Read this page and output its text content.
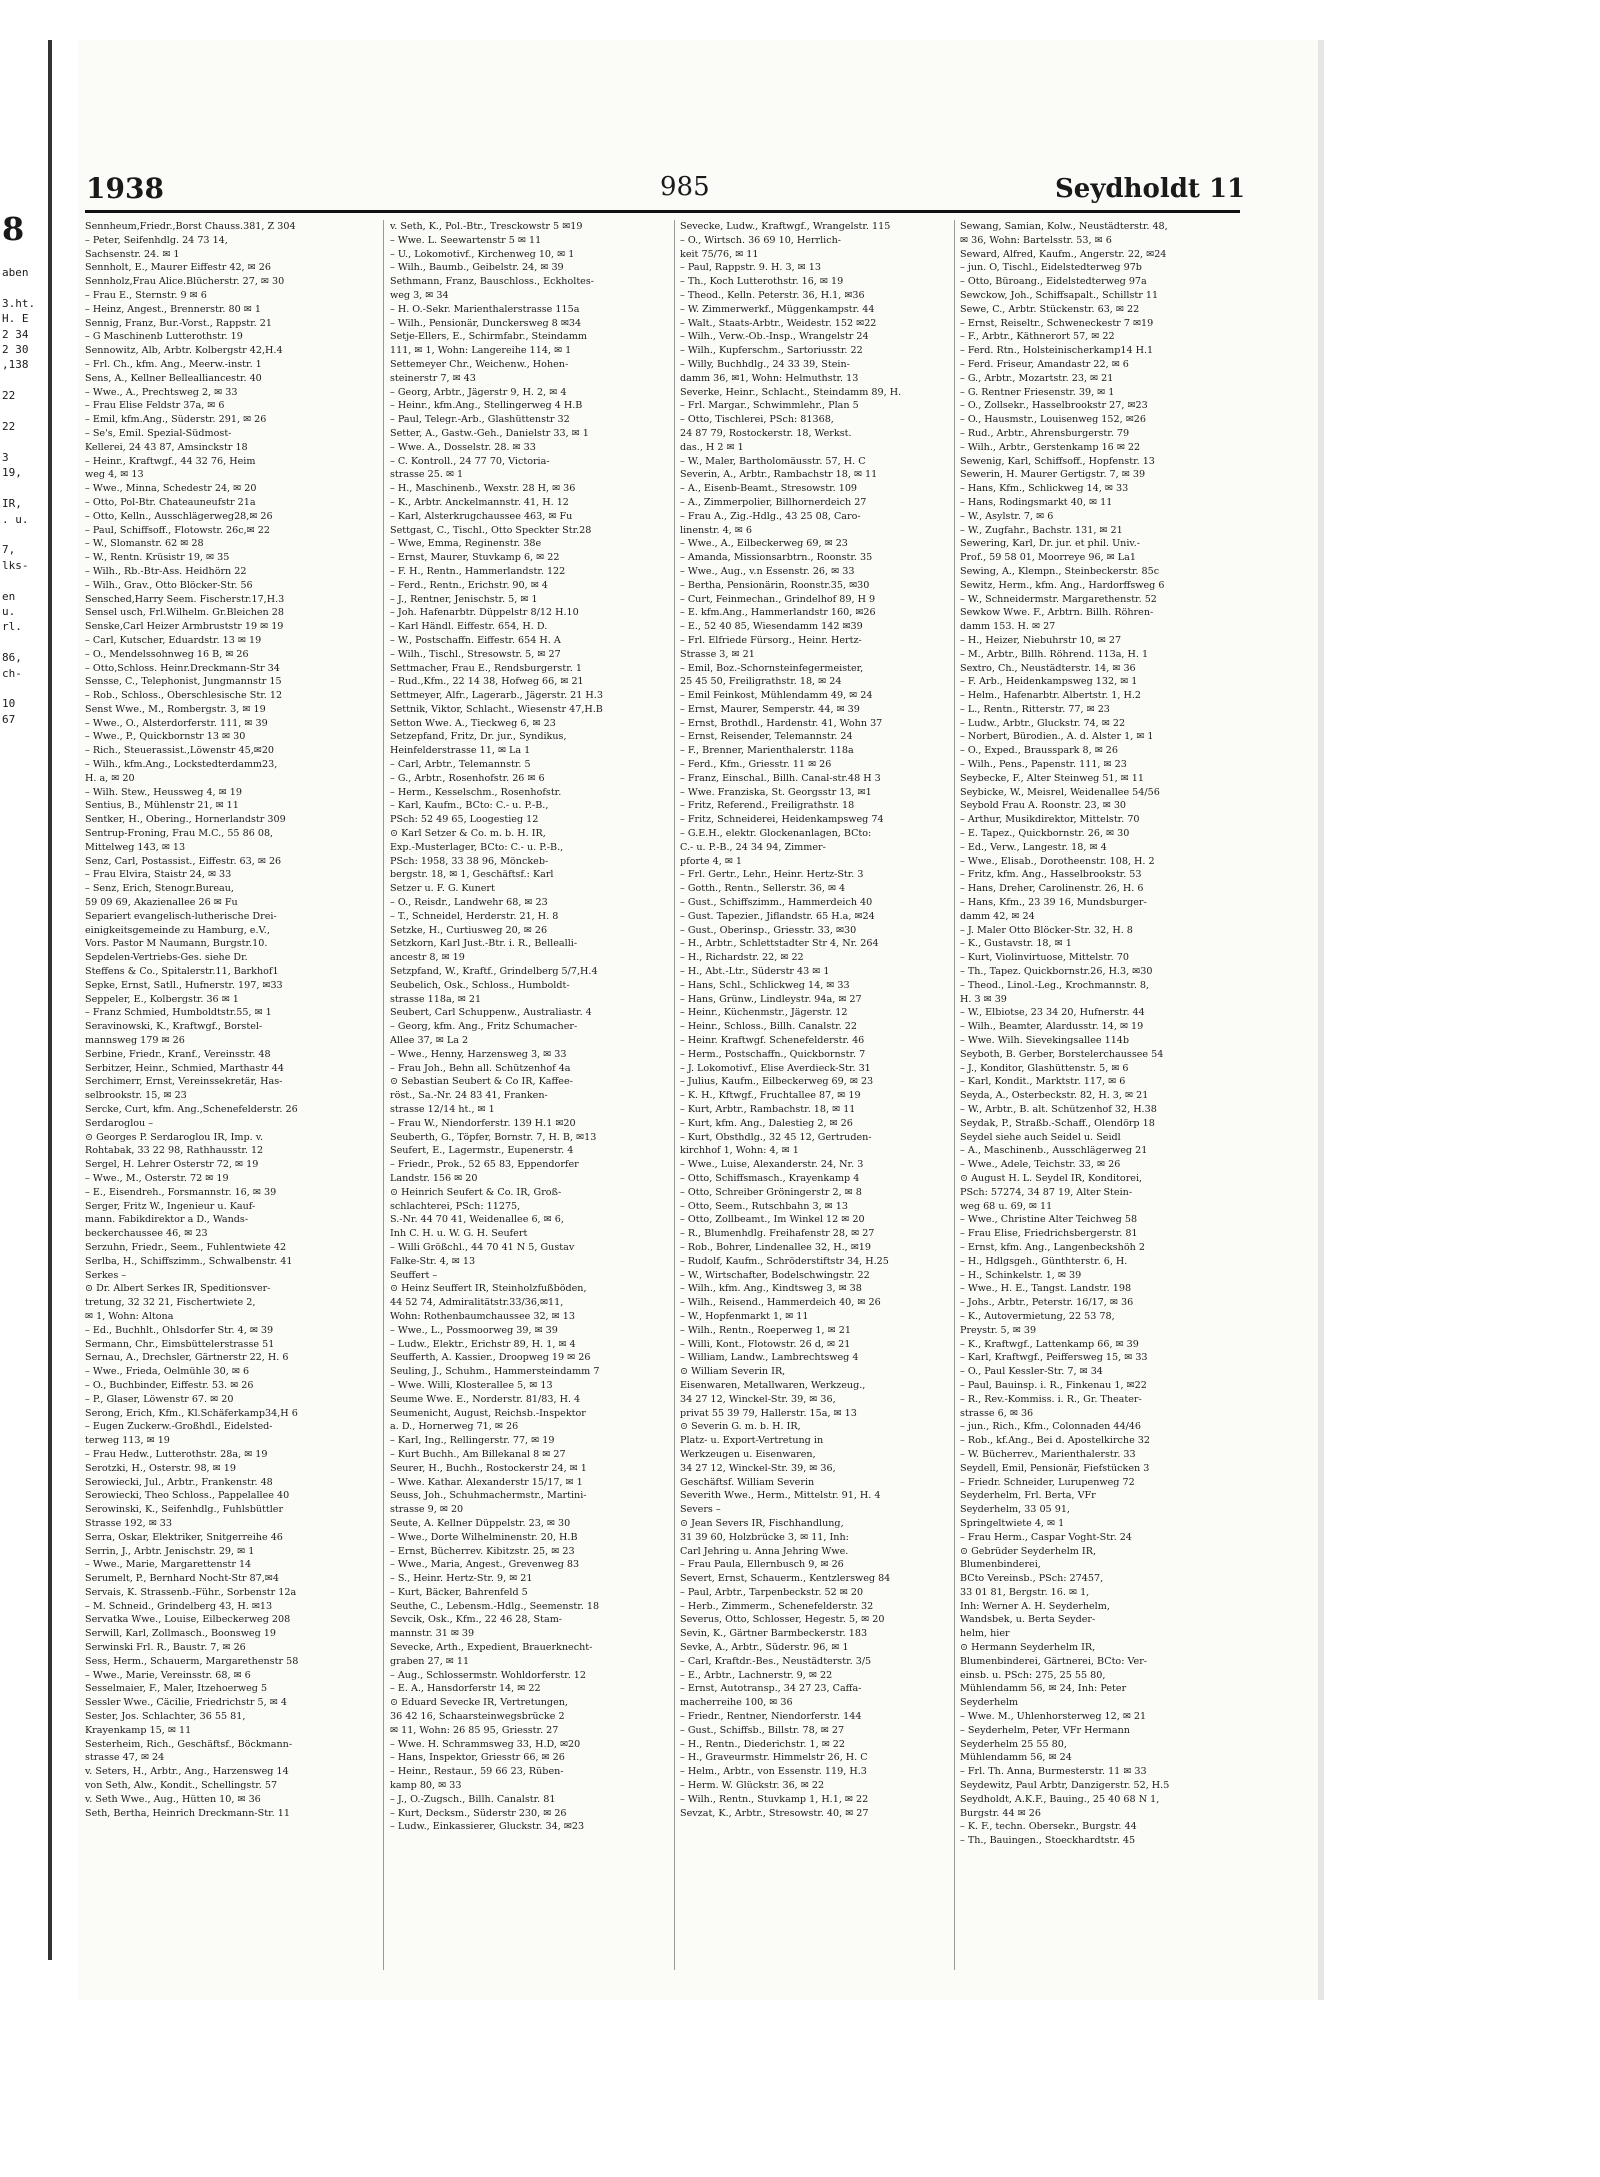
8
aben

3.ht.
H. E
2 34
2 30
,138

22

22

3
19,

IR,
. u.

7,
lks-

en
u.
rl.

86,
ch-

10
67
1938	985	Seydholdt 11
Sennheum,Friedr.,Borst Chauss.381, Z 304
– Peter, Seifenhdlg. 24 73 14,
Sachsenstr. 24. ✉ 1
Sennholt, E., Maurer Eiffestr 42, ✉ 26
Sennholz,Frau Alice.Blücherstr. 27, ✉ 30
– Frau E., Sternstr. 9 ✉ 6
– Heinz, Angest., Brennerstr. 80 ✉ 1
Sennig, Franz, Bur.-Vorst., Rappstr. 21
– G Maschinenb Lutterothstr. 19
Sennowitz, Alb, Arbtr. Kolbergstr 42,H.4
– Frl. Ch., kfm. Ang., Meerw.-instr. 1
Sens, A., Kellner Bellealliancestr. 40
– Wwe., A., Prechtsweg 2, ✉ 33
– Frau Elise Feldstr 37a, ✉ 6
– Emil, kfm.Ang., Süderstr. 291, ✉ 26
– Se's, Emil. Spezial-Südmost-
Kellerei, 24 43 87, Amsinckstr 18
– Heinr., Kraftwgf., 44 32 76, Heim
weg 4, ✉ 13
– Wwe., Minna, Schedestr 24, ✉ 20
– Otto, Pol-Btr. Chateauneufstr 21a
– Otto, Kelln., Ausschlägerweg28,✉ 26
– Paul, Schiffsoff., Flotowstr. 26c,✉ 22
– W., Slomanstr. 62 ✉ 28
– W., Rentn. Krüsistr 19, ✉ 35
– Wilh., Rb.-Btr-Ass. Heidhörn 22
– Wilh., Grav., Otto Blöcker-Str. 56
Sensched,Harry Seem. Fischerstr.17,H.3
Sensel usch, Frl.Wilhelm. Gr.Bleichen 28
Senske,Carl Heizer Armbruststr 19 ✉ 19
– Carl, Kutscher, Eduardstr. 13 ✉ 19
– O., Mendelssohnweg 16 B, ✉ 26
– Otto,Schloss. Heinr.Dreckmann-Str 34
Sensse, C., Telephonist, Jungmannstr 15
– Rob., Schloss., Oberschlesische Str. 12
Senst Wwe., M., Rombergstr. 3, ✉ 19
– Wwe., O., Alsterdorferstr. 111, ✉ 39
– Wwe., P., Quickbornstr 13 ✉ 30
– Rich., Steuerassist.,Löwenstr 45,✉20
– Wilh., kfm.Ang., Lockstedterdamm23,
H. a, ✉ 20
– Wilh. Stew., Heussweg 4, ✉ 19
Sentius, B., Mühlenstr 21, ✉ 11
Sentker, H., Obering., Hornerlandstr 309
Sentrup-Froning, Frau M.C., 55 86 08,
Mittelweg 143, ✉ 13
Senz, Carl, Postassist., Eiffestr. 63, ✉ 26
– Frau Elvira, Staistr 24, ✉ 33
– Senz, Erich, Stenogr.Bureau,
59 09 69, Akazienallee 26 ✉ Fu
Separiert evangelisch-lutherische Drei-
einigkeitsgemeinde zu Hamburg, e.V.,
Vors. Pastor M Naumann, Burgstr.10.
Sepdelen-Vertriebs-Ges. siehe Dr.
Steffens & Co., Spitalerstr.11, Barkhof1
Sepke, Ernst, Satll., Hufnerstr. 197, ✉33
Seppeler, E., Kolbergstr. 36 ✉ 1
– Franz Schmied, Humboldtstr.55, ✉ 1
Seravinowski, K., Kraftwgf., Borstel-
mannsweg 179 ✉ 26
Serbine, Friedr., Kranf., Vereinsstr. 48
Serbitzer, Heinr., Schmied, Marthastr 44
Serchimerr, Ernst, Vereinssekretär, Has-
selbrookstr. 15, ✉ 23
Sercke, Curt, kfm. Ang.,Schenefelderstr. 26
Serdaroglou –
⊙ Georges P. Serdaroglou IR, Imp. v.
Rohtabak, 33 22 98, Rathhausstr. 12
Sergel, H. Lehrer Osterstr 72, ✉ 19
– Wwe., M., Osterstr. 72 ✉ 19
– E., Eisendreh., Forsmannstr. 16, ✉ 39
Serger, Fritz W., Ingenieur u. Kauf-
mann. Fabikdirektor a D., Wands-
beckerchaussee 46, ✉ 23
Serzuhn, Friedr., Seem., Fuhlentwiete 42
Serlba, H., Schiffszimm., Schwalbenstr. 41
Serkes –
⊙ Dr. Albert Serkes IR, Speditionsver-
tretung, 32 32 21, Fischertwiete 2,
✉ 1, Wohn: Altona
– Ed., Buchhlt., Ohlsdorfer Str. 4, ✉ 39
Sermann, Chr., Eimsbüttelerstrasse 51
Sernau, A., Drechsler, Gärtnerstr 22, H. 6
– Wwe., Frieda, Oelmühle 30, ✉ 6
– O., Buchbinder, Eiffestr. 53. ✉ 26
– P., Glaser, Löwenstr 67. ✉ 20
Serong, Erich, Kfm., Kl.Schäferkamp34,H 6
– Eugen Zuckerw.-Großhdl., Eidelsted-
terweg 113, ✉ 19
– Frau Hedw., Lutterothstr. 28a, ✉ 19
Serotzki, H., Osterstr. 98, ✉ 19
Serowiecki, Jul., Arbtr., Frankenstr. 48
Serowiecki, Theo Schloss., Pappelallee 40
Serowinski, K., Seifenhdlg., Fuhlsbüttler
Strasse 192, ✉ 33
Serra, Oskar, Elektriker, Snitgerreihe 46
Serrin, J., Arbtr. Jenischstr. 29, ✉ 1
– Wwe., Marie, Margarettenstr 14
Serumelt, P., Bernhard Nocht-Str 87,✉4
Servais, K. Strassenb.-Führ., Sorbenstr 12a
– M. Schneid., Grindelberg 43, H. ✉13
Servatka Wwe., Louise, Eilbeckerweg 208
Serwill, Karl, Zollmasch., Boonsweg 19
Serwinski Frl. R., Baustr. 7, ✉ 26
Sess, Herm., Schauerm, Margarethenstr 58
– Wwe., Marie, Vereinsstr. 68, ✉ 6
Sesselmaier, F., Maler, Itzehoerweg 5
Sessler Wwe., Cäcilie, Friedrichstr 5, ✉ 4
Sester, Jos. Schlachter, 36 55 81,
Krayenkamp 15, ✉ 11
Sesterheim, Rich., Geschäftsf., Böckmann-
strasse 47, ✉ 24
v. Seters, H., Arbtr., Ang., Harzensweg 14
von Seth, Alw., Kondit., Schellingstr. 57
v. Seth Wwe., Aug., Hütten 10, ✉ 36
Seth, Bertha, Heinrich Dreckmann-Str. 11
v. Seth, K., Pol.-Btr., Tresckowstr 5 ✉19
– Wwe. L. Seewartenstr 5 ✉ 11
– U., Lokomotivf., Kirchenweg 10, ✉ 1
– Wilh., Baumb., Geibelstr. 24, ✉ 39
Sethmann, Franz, Bauschloss., Eckholtes-
weg 3, ✉ 34
– H. O.-Sekr. Marienthalerstrasse 115a
– Wilh., Pensionär, Dunckersweg 8 ✉34
Setje-Ellers, E., Schirmfabr., Steindamm
111, ✉ 1, Wohn: Langereihe 114, ✉ 1
Settemeyer Chr., Weichenw., Hohen-
steinerstr 7, ✉ 43
– Georg, Arbtr., Jägerstr 9, H. 2, ✉ 4
– Heinr., kfm.Ang., Stellingerweg 4 H.B
– Paul, Telegr.-Arb., Glashüttenstr 32
Setter, A., Gastw.-Geh., Danielstr 33, ✉ 1
– Wwe. A., Dosselstr. 28. ✉ 33
– C. Kontroll., 24 77 70, Victoria-
strasse 25. ✉ 1
– H., Maschinenb., Wexstr. 28 H, ✉ 36
– K., Arbtr. Anckelmannstr. 41, H. 12
– Karl, Alsterkrugchaussee 463, ✉ Fu
Settgast, C., Tischl., Otto Speckter Str.28
– Wwe, Emma, Reginenstr. 38e
– Ernst, Maurer, Stuvkamp 6, ✉ 22
– F. H., Rentn., Hammerlandstr. 122
– Ferd., Rentn., Erichstr. 90, ✉ 4
– J., Rentner, Jenischstr. 5, ✉ 1
– Joh. Hafenarbtr. Düppelstr 8/12 H.10
– Karl Händl. Eiffestr. 654, H. D.
– W., Postschaffn. Eiffestr. 654 H. A
– Wilh., Tischl., Stresowstr. 5, ✉ 27
Settmacher, Frau E., Rendsburgerstr. 1
– Rud.,Kfm., 22 14 38, Hofweg 66, ✉ 21
Settmeyer, Alfr., Lagerarb., Jägerstr. 21 H.3
Settnik, Viktor, Schlacht., Wiesenstr 47,H.B
Setton Wwe. A., Tieckweg 6, ✉ 23
Setzepfand, Fritz, Dr. jur., Syndikus,
Heinfelderstrasse 11, ✉ La 1
– Carl, Arbtr., Telemannstr. 5
– G., Arbtr., Rosenhofstr. 26 ✉ 6
– Herm., Kesselschm., Rosenhofstr.
– Karl, Kaufm., BCto: C.- u. P.-B.,
PSch: 52 49 65, Loogestieg 12
⊙ Karl Setzer & Co. m. b. H. IR,
Exp.-Musterlager, BCto: C.- u. P.-B.,
PSch: 1958, 33 38 96, Mönckeb-
bergstr. 18, ✉ 1, Geschäftsf.: Karl
Setzer u. F. G. Kunert
– O., Reisdr., Landwehr 68, ✉ 23
– T., Schneidel, Herderstr. 21, H. 8
Setzke, H., Curtiusweg 20, ✉ 26
Setzkorn, Karl Just.-Btr. i. R., Bellealli-
ancestr 8, ✉ 19
Setzpfand, W., Kraftf., Grindelberg 5/7,H.4
Seubelich, Osk., Schloss., Humboldt-
strasse 118a, ✉ 21
Seubert, Carl Schuppenw., Australiastr. 4
– Georg, kfm. Ang., Fritz Schumacher-
Allee 37, ✉ La 2
– Wwe., Henny, Harzensweg 3, ✉ 33
– Frau Joh., Behn all. Schützenhof 4a
⊙ Sebastian Seubert & Co IR, Kaffee-
röst., Sa.-Nr. 24 83 41, Franken-
strasse 12/14 ht., ✉ 1
– Frau W., Niendorferstr. 139 H.1 ✉20
Seuberth, G., Töpfer, Bornstr. 7, H. B, ✉13
Seufert, E., Lagermstr., Eupenerstr. 4
– Friedr., Prok., 52 65 83, Eppendorfer
Landstr. 156 ✉ 20
⊙ Heinrich Seufert & Co. IR, Groß-
schlachterei, PSch: 11275,
S.-Nr. 44 70 41, Weidenallee 6, ✉ 6,
Inh C. H. u. W. G. H. Seufert
– Willi Größchl., 44 70 41 N 5, Gustav
Falke-Str. 4, ✉ 13
Seuffert –
⊙ Heinz Seuffert IR, Steinholzfußböden,
44 52 74, Admiralitätstr.33/36,✉11,
Wohn: Rothenbaumchaussee 32, ✉ 13
– Wwe., L., Possmoorweg 39, ✉ 39
– Ludw., Elektr., Erichstr 89, H. 1, ✉ 4
Seufferth, A. Kassier., Droopweg 19 ✉ 26
Seuling, J., Schuhm., Hammersteindamm 7
– Wwe. Willi, Klosterallee 5, ✉ 13
Seume Wwe. E., Norderstr. 81/83, H. 4
Seumenicht, August, Reichsb.-Inspektor
a. D., Hornerweg 71, ✉ 26
– Karl, Ing., Rellingerstr. 77, ✉ 19
– Kurt Buchh., Am Billekanal 8 ✉ 27
Seurer, H., Buchh., Rostockerstr 24, ✉ 1
– Wwe. Kathar. Alexanderstr 15/17, ✉ 1
Seuss, Joh., Schuhmachermstr., Martini-
strasse 9, ✉ 20
Seute, A. Kellner Düppelstr. 23, ✉ 30
– Wwe., Dorte Wilhelminenstr. 20, H.B
– Ernst, Bücherrev. Kibitzstr. 25, ✉ 23
– Wwe., Maria, Angest., Grevenweg 83
– S., Heinr. Hertz-Str. 9, ✉ 21
– Kurt, Bäcker, Bahrenfeld 5
Seuthe, C., Lebensm.-Hdlg., Seemenstr. 18
Sevcik, Osk., Kfm., 22 46 28, Stam-
mannstr. 31 ✉ 39
Sevecke, Arth., Expedient, Brauerknecht-
graben 27, ✉ 11
– Aug., Schlossermstr. Wohldorferstr. 12
– E. A., Hansdorferstr 14, ✉ 22
⊙ Eduard Sevecke IR, Vertretungen,
36 42 16, Schaarsteinwegsbrücke 2
✉ 11, Wohn: 26 85 95, Griesstr. 27
– Wwe. H. Schrammsweg 33, H.D, ✉20
– Hans, Inspektor, Griesstr 66, ✉ 26
– Heinr., Restaur., 59 66 23, Rüben-
kamp 80, ✉ 33
– J., O.-Zugsch., Billh. Canalstr. 81
– Kurt, Decksm., Süderstr 230, ✉ 26
– Ludw., Einkassierer, Gluckstr. 34, ✉23
Sevecke, Ludw., Kraftwgf., Wrangelstr. 115
– O., Wirtsch. 36 69 10, Herrlich-
keit 75/76, ✉ 11
– Paul, Rappstr. 9. H. 3, ✉ 13
– Th., Koch Lutterothstr. 16, ✉ 19
– Theod., Kelln. Peterstr. 36, H.1, ✉36
– W. Zimmerwerkf., Müggenkampstr. 44
– Walt., Staats-Arbtr., Weidestr. 152 ✉22
– Wilh., Verw.-Ob.-Insp., Wrangelstr 24
– Wilh., Kupferschm., Sartoriusstr. 22
– Willy, Buchhdlg., 24 33 39, Stein-
damm 36, ✉1, Wohn: Helmuthstr. 13
Severke, Heinr., Schlacht., Steindamm 89, H.
– Frl. Margar., Schwimmlehr., Plan 5
– Otto, Tischlerei, PSch: 81368,
24 87 79, Rostockerstr. 18, Werkst.
das., H 2 ✉ 1
– W., Maler, Bartholomäusstr. 57, H. C
Severin, A., Arbtr., Rambachstr 18, ✉ 11
– A., Eisenb-Beamt., Stresowstr. 109
– A., Zimmerpolier, Billhornerdeich 27
– Frau A., Zig.-Hdlg., 43 25 08, Caro-
linenstr. 4, ✉ 6
– Wwe., A., Eilbeckerweg 69, ✉ 23
– Amanda, Missionsarbtrn., Roonstr. 35
– Wwe., Aug., v.n Essenstr. 26, ✉ 33
– Bertha, Pensionärin, Roonstr.35, ✉30
– Curt, Feinmechan., Grindelhof 89, H 9
– E. kfm.Ang., Hammerlandstr 160, ✉26
– E., 52 40 85, Wiesendamm 142 ✉39
– Frl. Elfriede Fürsorg., Heinr. Hertz-
Strasse 3, ✉ 21
– Emil, Boz.-Schornsteinfegermeister,
25 45 50, Freiligrathstr. 18, ✉ 24
– Emil Feinkost, Mühlendamm 49, ✉ 24
– Ernst, Maurer, Semperstr. 44, ✉ 39
– Ernst, Brothdl., Hardenstr. 41, Wohn 37
– Ernst, Reisender, Telemannstr. 24
– F., Brenner, Marienthalerstr. 118a
– Ferd., Kfm., Griesstr. 11 ✉ 26
– Franz, Einschal., Billh. Canal-str.48 H 3
– Wwe. Franziska, St. Georgsstr 13, ✉1
– Fritz, Referend., Freiligrathstr. 18
– Fritz, Schneiderei, Heidenkampsweg 74
– G.E.H., elektr. Glockenanlagen, BCto:
C.- u. P.-B., 24 34 94, Zimmer-
pforte 4, ✉ 1
– Frl. Gertr., Lehr., Heinr. Hertz-Str. 3
– Gotth., Rentn., Sellerstr. 36, ✉ 4
– Gust., Schiffszimm., Hammerdeich 40
– Gust. Tapezier., Jiflandstr. 65 H.a, ✉24
– Gust., Oberinsp., Griesstr. 33, ✉30
– H., Arbtr., Schlettstadter Str 4, Nr. 264
– H., Richardstr. 22, ✉ 22
– H., Abt.-Ltr., Süderstr 43 ✉ 1
– Hans, Schl., Schlickweg 14, ✉ 33
– Hans, Grünw., Lindleystr. 94a, ✉ 27
– Heinr., Küchenmstr., Jägerstr. 12
– Heinr., Schloss., Billh. Canalstr. 22
– Heinr. Kraftwgf. Schenefelderstr. 46
– Herm., Postschaffn., Quickbornstr. 7
– J. Lokomotivf., Elise Averdieck-Str. 31
– Julius, Kaufm., Eilbeckerweg 69, ✉ 23
– K. H., Kftwgf., Fruchtallee 87, ✉ 19
– Kurt, Arbtr., Rambachstr. 18, ✉ 11
– Kurt, kfm. Ang., Dalestieg 2, ✉ 26
– Kurt, Obsthdlg., 32 45 12, Gertruden-
kirchhof 1, Wohn: 4, ✉ 1
– Wwe., Luise, Alexanderstr. 24, Nr. 3
– Otto, Schiffsmasch., Krayenkamp 4
– Otto, Schreiber Gröningerstr 2, ✉ 8
– Otto, Seem., Rutschbahn 3, ✉ 13
– Otto, Zollbeamt., Im Winkel 12 ✉ 20
– R., Blumenhdlg. Freihafenstr 28, ✉ 27
– Rob., Bohrer, Lindenallee 32, H., ✉19
– Rudolf, Kaufm., Schröderstiftstr 34, H.25
– W., Wirtschafter, Bodelschwingstr. 22
– Wilh., kfm. Ang., Kindtsweg 3, ✉ 38
– Wilh., Reisend., Hammerdeich 40, ✉ 26
– W., Hopfenmarkt 1, ✉ 11
– Wilh., Rentn., Roeperweg 1, ✉ 21
– Willi, Kont., Flotowstr. 26 d, ✉ 21
– William, Landw., Lambrechtsweg 4
⊙ William Severin IR,
Eisenwaren, Metallwaren, Werkzeug.,
34 27 12, Winckel-Str. 39, ✉ 36,
privat 55 39 79, Hallerstr. 15a, ✉ 13
⊙ Severin G. m. b. H. IR,
Platz- u. Export-Vertretung in
Werkzeugen u. Eisenwaren,
34 27 12, Winckel-Str. 39, ✉ 36,
Geschäftsf. William Severin
Severith Wwe., Herm., Mittelstr. 91, H. 4
Severs –
⊙ Jean Severs IR, Fischhandlung,
31 39 60, Holzbrücke 3, ✉ 11, Inh:
Carl Jehring u. Anna Jehring Wwe.
– Frau Paula, Ellernbusch 9, ✉ 26
Severt, Ernst, Schauerm., Kentzlersweg 84
– Paul, Arbtr., Tarpenbeckstr. 52 ✉ 20
– Herb., Zimmerm., Schenefelderstr. 32
Severus, Otto, Schlosser, Hegestr. 5, ✉ 20
Sevin, K., Gärtner Barmbeckerstr. 183
Sevke, A., Arbtr., Süderstr. 96, ✉ 1
– Carl, Kraftdr.-Bes., Neustädterstr. 3/5
– E., Arbtr., Lachnerstr. 9, ✉ 22
– Ernst, Autotransp., 34 27 23, Caffa-
macherreihe 100, ✉ 36
– Friedr., Rentner, Niendorferstr. 144
– Gust., Schiffsb., Billstr. 78, ✉ 27
– H., Rentn., Diederichstr. 1, ✉ 22
– H., Graveurmstr. Himmelstr 26, H. C
– Helm., Arbtr., von Essenstr. 119, H.3
– Herm. W. Glückstr. 36, ✉ 22
– Wilh., Rentn., Stuvkamp 1, H.1, ✉ 22
Sevzat, K., Arbtr., Stresowstr. 40, ✉ 27
Sewang, Samian, Kolw., Neustädterstr. 48,
✉ 36, Wohn: Bartelsstr. 53, ✉ 6
Seward, Alfred, Kaufm., Angerstr. 22, ✉24
– jun. O, Tischl., Eidelstedterweg 97b
– Otto, Büroang., Eidelstedterweg 97a
Sewckow, Joh., Schiffsapalt., Schillstr 11
Sewe, C., Arbtr. Stückenstr. 63, ✉ 22
– Ernst, Reiseltr., Schweneckestr 7 ✉19
– F., Arbtr., Käthnerort 57, ✉ 22
– Ferd. Rtn., Holsteinischerkamp14 H.1
– Ferd. Friseur, Amandastr 22, ✉ 6
– G., Arbtr., Mozartstr. 23, ✉ 21
– G. Rentner Friesenstr. 39, ✉ 1
– O., Zollsekr., Hasselbrookstr 27, ✉23
– O., Hausmstr., Louisenweg 152, ✉26
– Rud., Arbtr., Ahrensburgerstr. 79
– Wilh., Arbtr., Gerstenkamp 16 ✉ 22
Sewenig, Karl, Schiffsoff., Hopfenstr. 13
Sewerin, H. Maurer Gertigstr. 7, ✉ 39
– Hans, Kfm., Schlickweg 14, ✉ 33
– Hans, Rodingsmarkt 40, ✉ 11
– W., Asylstr. 7, ✉ 6
– W., Zugfahr., Bachstr. 131, ✉ 21
Sewering, Karl, Dr. jur. et phil. Univ.-
Prof., 59 58 01, Moorreye 96, ✉ La1
Sewing, A., Klempn., Steinbeckerstr. 85c
Sewitz, Herm., kfm. Ang., Hardorffsweg 6
– W., Schneidermstr. Margarethenstr. 52
Sewkow Wwe. F., Arbtrn. Billh. Röhren-
damm 153. H. ✉ 27
– H., Heizer, Niebuhrstr 10, ✉ 27
– M., Arbtr., Billh. Röhrend. 113a, H. 1
Sextro, Ch., Neustädterstr. 14, ✉ 36
– F. Arb., Heidenkampsweg 132, ✉ 1
– Helm., Hafenarbtr. Albertstr. 1, H.2
– L., Rentn., Ritterstr. 77, ✉ 23
– Ludw., Arbtr., Gluckstr. 74, ✉ 22
– Norbert, Bürodien., A. d. Alster 1, ✉ 1
– O., Exped., Brausspark 8, ✉ 26
– Wilh., Pens., Papenstr. 111, ✉ 23
Seybecke, F., Alter Steinweg 51, ✉ 11
Seybicke, W., Meisrel, Weidenallee 54/56
Seybold Frau A. Roonstr. 23, ✉ 30
– Arthur, Musikdirektor, Mittelstr. 70
– E. Tapez., Quickbornstr. 26, ✉ 30
– Ed., Verw., Langestr. 18, ✉ 4
– Wwe., Elisab., Dorotheenstr. 108, H. 2
– Fritz, kfm. Ang., Hasselbrookstr. 53
– Hans, Dreher, Carolinenstr. 26, H. 6
– Hans, Kfm., 23 39 16, Mundsburger-
damm 42, ✉ 24
– J. Maler Otto Blöcker-Str. 32, H. 8
– K., Gustavstr. 18, ✉ 1
– Kurt, Violinvirtuose, Mittelstr. 70
– Th., Tapez. Quickbornstr.26, H.3, ✉30
– Theod., Linol.-Leg., Krochmannstr. 8,
H. 3 ✉ 39
– W., Elbiotse, 23 34 20, Hufnerstr. 44
– Wilh., Beamter, Alardusstr. 14, ✉ 19
– Wwe. Wilh. Sievekingsallee 114b
Seyboth, B. Gerber, Borstelerchaussee 54
– J., Konditor, Glashüttenstr. 5, ✉ 6
– Karl, Kondit., Marktstr. 117, ✉ 6
Seyda, A., Osterbeckstr. 82, H. 3, ✉ 21
– W., Arbtr., B. alt. Schützenhof 32, H.38
Seydak, P., Straßb.-Schaff., Olendörp 18
Seydel siehe auch Seidel u. Seidl
– A., Maschinenb., Ausschlägerweg 21
– Wwe., Adele, Teichstr. 33, ✉ 26
⊙ August H. L. Seydel IR, Konditorei,
PSch: 57274, 34 87 19, Alter Stein-
weg 68 u. 69, ✉ 11
– Wwe., Christine Alter Teichweg 58
– Frau Elise, Friedrichsbergerstr. 81
– Ernst, kfm. Ang., Langenbeckshöh 2
– H., Hdlgsgeh., Günthterstr. 6, H.
– H., Schinkelstr. 1, ✉ 39
– Wwe., H. E., Tangst. Landstr. 198
– Johs., Arbtr., Peterstr. 16/17, ✉ 36
– K., Autovermietung, 22 53 78,
Preystr. 5, ✉ 39
– K., Kraftwgf., Lattenkamp 66, ✉ 39
– Karl, Kraftwgf., Peiffersweg 15, ✉ 33
– O., Paul Kessler-Str. 7, ✉ 34
– Paul, Bauinsp. i. R., Finkenau 1, ✉22
– R., Rev.-Kommiss. i. R., Gr. Theater-
strasse 6, ✉ 36
– jun., Rich., Kfm., Colonnaden 44/46
– Rob., kf.Ang., Bei d. Apostelkirche 32
– W. Bücherrev., Marienthalerstr. 33
Seydell, Emil, Pensionär, Fiefstücken 3
– Friedr. Schneider, Lurupenweg 72
Seyderhelm, Frl. Berta, VFr
Seyderhelm, 33 05 91,
Springeltwiete 4, ✉ 1
– Frau Herm., Caspar Voght-Str. 24
⊙ Gebrüder Seyderhelm IR,
Blumenbinderei,
BCto Vereinsb., PSch: 27457,
33 01 81, Bergstr. 16. ✉ 1,
Inh: Werner A. H. Seyderhelm,
Wandsbek, u. Berta Seyder-
helm, hier
⊙ Hermann Seyderhelm IR,
Blumenbinderei, Gärtnerei, BCto: Ver-
einsb. u. PSch: 275, 25 55 80,
Mühlendamm 56, ✉ 24, Inh: Peter
Seyderhelm
– Wwe. M., Uhlenhorsterweg 12, ✉ 21
– Seyderhelm, Peter, VFr Hermann
Seyderhelm 25 55 80,
Mühlendamm 56, ✉ 24
– Frl. Th. Anna, Burmesterstr. 11 ✉ 33
Seydewitz, Paul Arbtr, Danzigerstr. 52, H.5
Seydholdt, A.K.F., Bauing., 25 40 68 N 1,
Burgstr. 44 ✉ 26
– K. F., techn. Obersekr., Burgstr. 44
– Th., Bauingen., Stoeckhardtstr. 45
